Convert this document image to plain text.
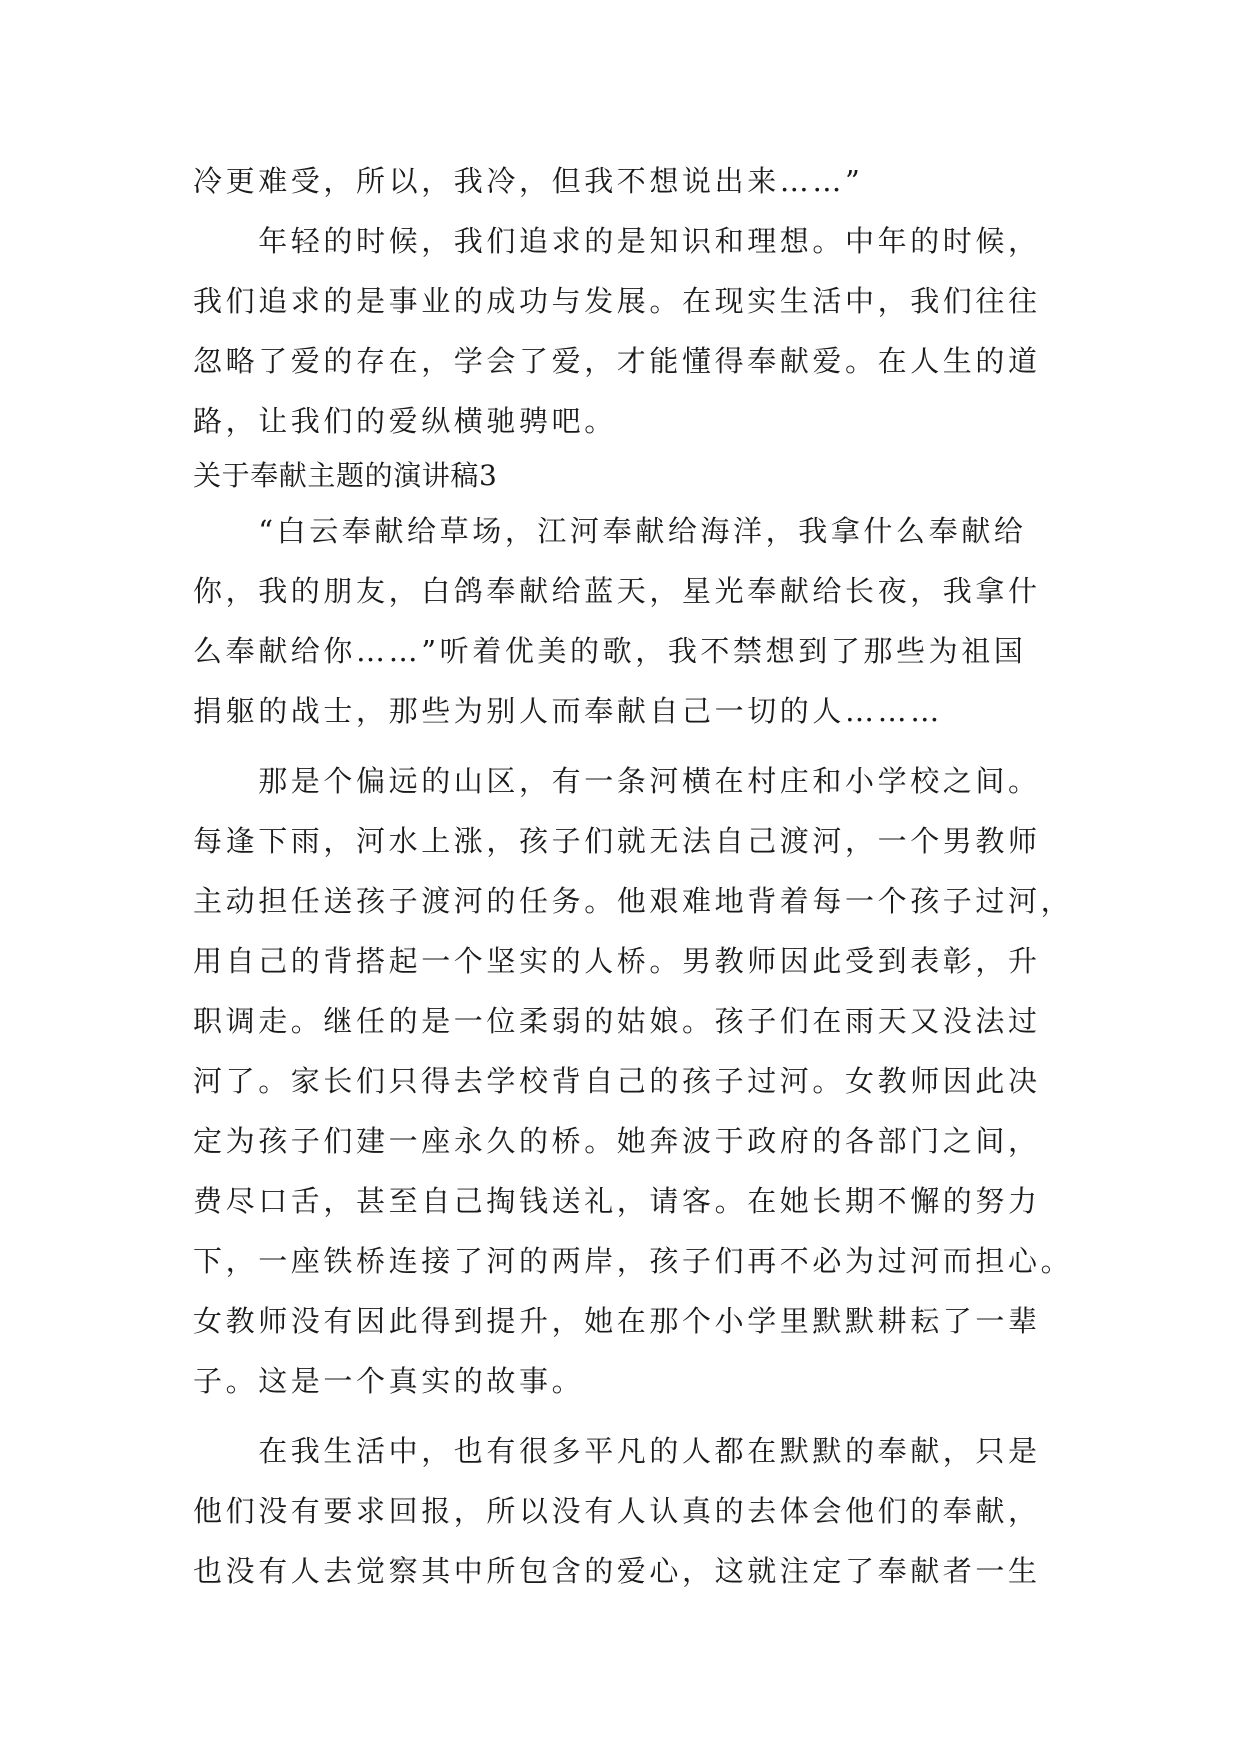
冷更难受，所以，我冷，但我不想说出来……”
　　年轻的时候，我们追求的是知识和理想。中年的时候，
我们追求的是事业的成功与发展。在现实生活中，我们往往
忽略了爱的存在，学会了爱，才能懂得奉献爱。在人生的道
路，让我们的爱纵横驰骋吧。
关于奉献主题的演讲稿3
　　“白云奉献给草场，江河奉献给海洋，我拿什么奉献给
你，我的朋友，白鸽奉献给蓝天，星光奉献给长夜，我拿什
么奉献给你……”听着优美的歌，我不禁想到了那些为祖国
捐躯的战士，那些为别人而奉献自己一切的人………
　　那是个偏远的山区，有一条河横在村庄和小学校之间。
每逢下雨，河水上涨，孩子们就无法自己渡河，一个男教师
主动担任送孩子渡河的任务。他艰难地背着每一个孩子过河，
用自己的背搭起一个坚实的人桥。男教师因此受到表彰，升
职调走。继任的是一位柔弱的姑娘。孩子们在雨天又没法过
河了。家长们只得去学校背自己的孩子过河。女教师因此决
定为孩子们建一座永久的桥。她奔波于政府的各部门之间，
费尽口舌，甚至自己掏钱送礼，请客。在她长期不懈的努力
下，一座铁桥连接了河的两岸，孩子们再不必为过河而担心。
女教师没有因此得到提升，她在那个小学里默默耕耘了一辈
子。这是一个真实的故事。
　　在我生活中，也有很多平凡的人都在默默的奉献，只是
他们没有要求回报，所以没有人认真的去体会他们的奉献，
也没有人去觉察其中所包含的爱心，这就注定了奉献者一生
